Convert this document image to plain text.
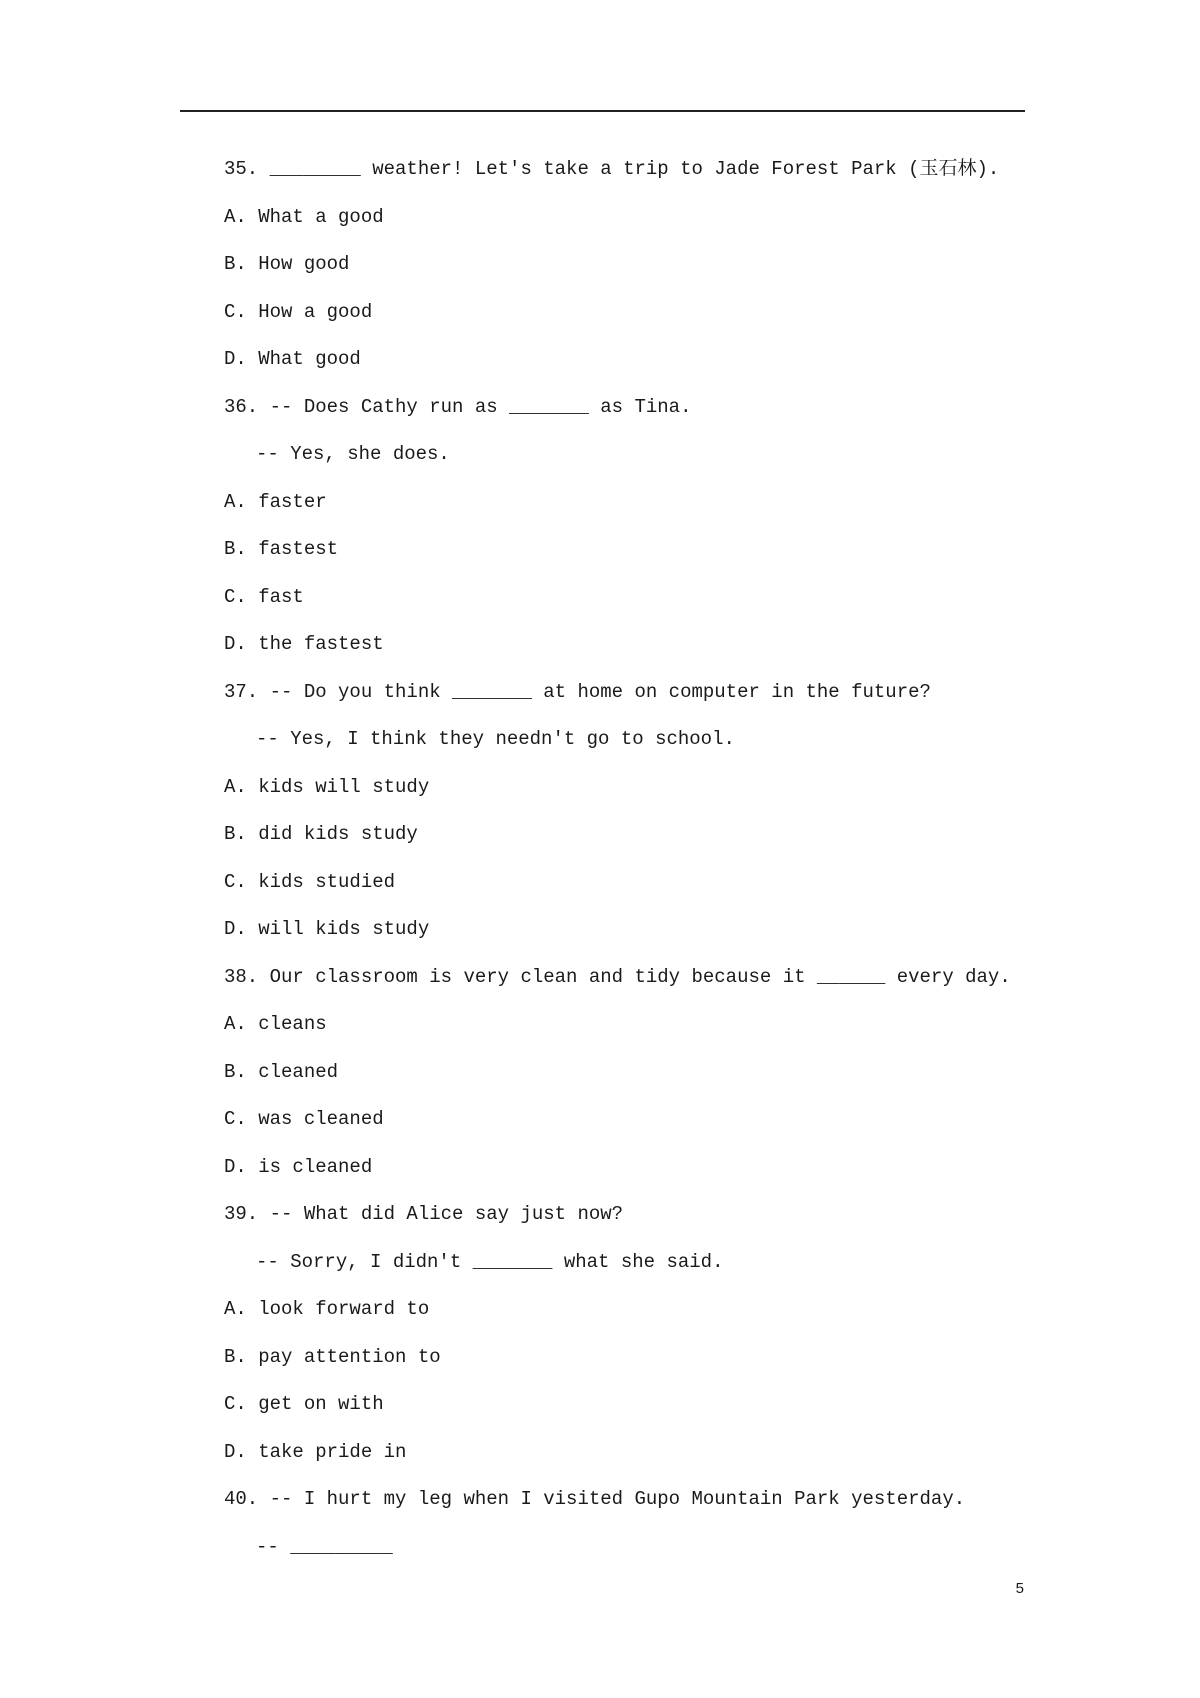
35. ________ weather! Let's take a trip to Jade Forest Park (玉石林).
A. What a good
B. How good
C. How a good
D. What good
36. -- Does Cathy run as _______ as Tina.
-- Yes, she does.
A. faster
B. fastest
C. fast
D. the fastest
37. -- Do you think _______ at home on computer in the future?
-- Yes, I think they needn't go to school.
A. kids will study
B. did kids study
C. kids studied
D. will kids study
38. Our classroom is very clean and tidy because it ______ every day.
A. cleans
B. cleaned
C. was cleaned
D. is cleaned
39. -- What did Alice say just now?
-- Sorry, I didn't _______ what she said.
A. look forward to
B. pay attention to
C. get on with
D. take pride in
40. -- I hurt my leg when I visited Gupo Mountain Park yesterday.
-- _________
5
